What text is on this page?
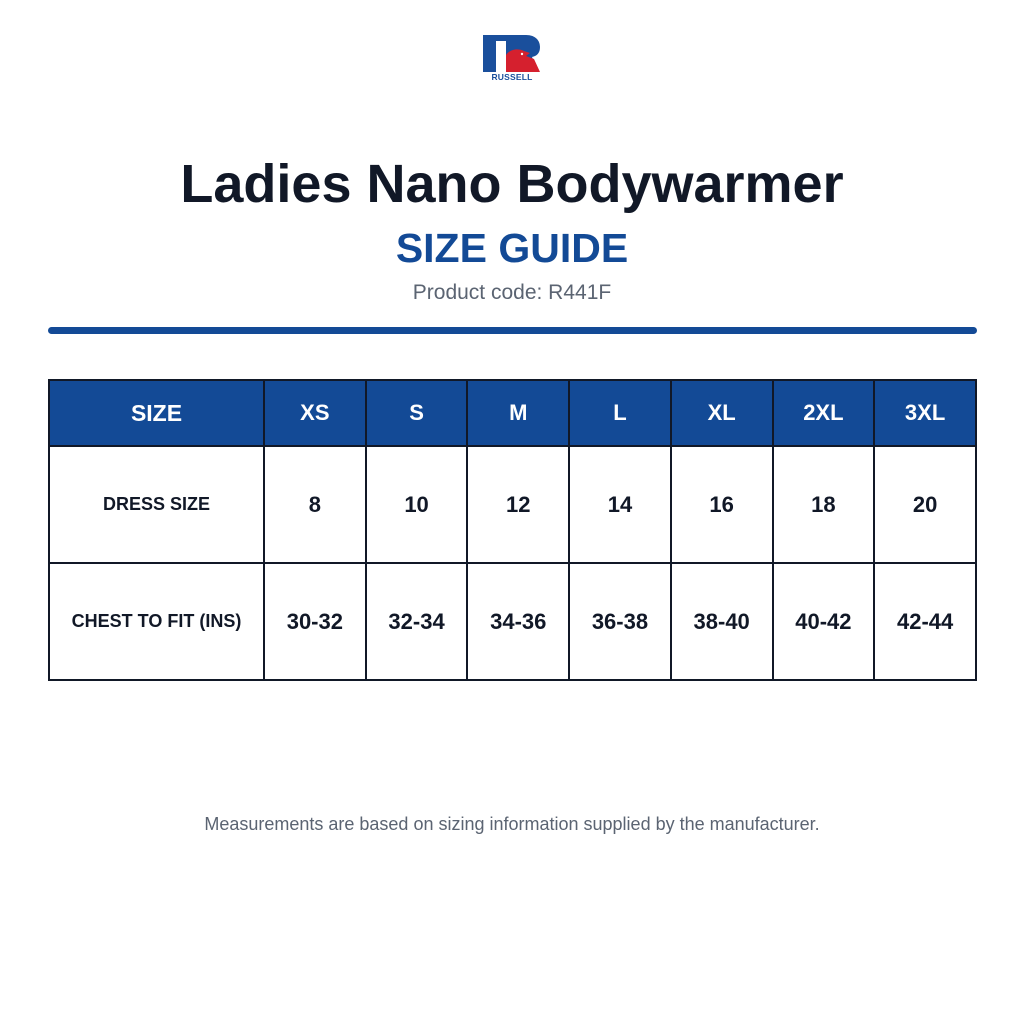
RUSSELL
Ladies Nano Bodywarmer
SIZE GUIDE
Product code: R441F
SIZE	XS	S	M	L	XL	2XL	3XL
DRESS SIZE	8	10	12	14	16	18	20
CHEST TO FIT (INS)	30-32	32-34	34-36	36-38	38-40	40-42	42-44
Measurements are based on sizing information supplied by the manufacturer.
